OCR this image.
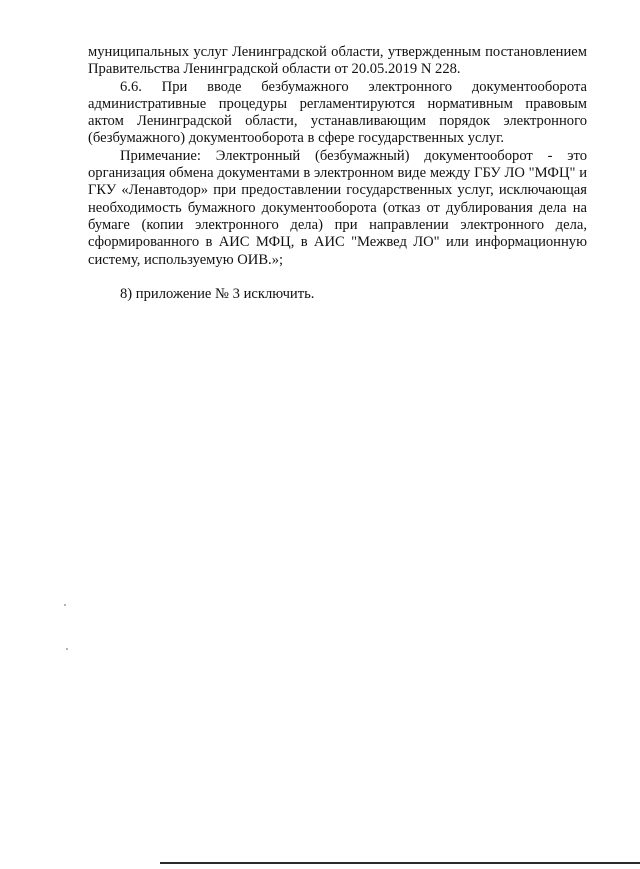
муниципальных услуг Ленинградской области, утвержденным постановлением Правительства Ленинградской области от 20.05.2019 N 228.

6.6. При вводе безбумажного электронного документооборота административные процедуры регламентируются нормативным правовым актом Ленинградской области, устанавливающим порядок электронного (безбумажного) документооборота в сфере государственных услуг.

Примечание: Электронный (безбумажный) документооборот - это организация обмена документами в электронном виде между ГБУ ЛО "МФЦ" и ГКУ «Ленавтодор» при предоставлении государственных услуг, исключающая необходимость бумажного документооборота (отказ от дублирования дела на бумаге (копии электронного дела) при направлении электронного дела, сформированного в АИС МФЦ, в АИС "Межвед ЛО" или информационную систему, используемую ОИВ.»;

8) приложение № 3 исключить.
